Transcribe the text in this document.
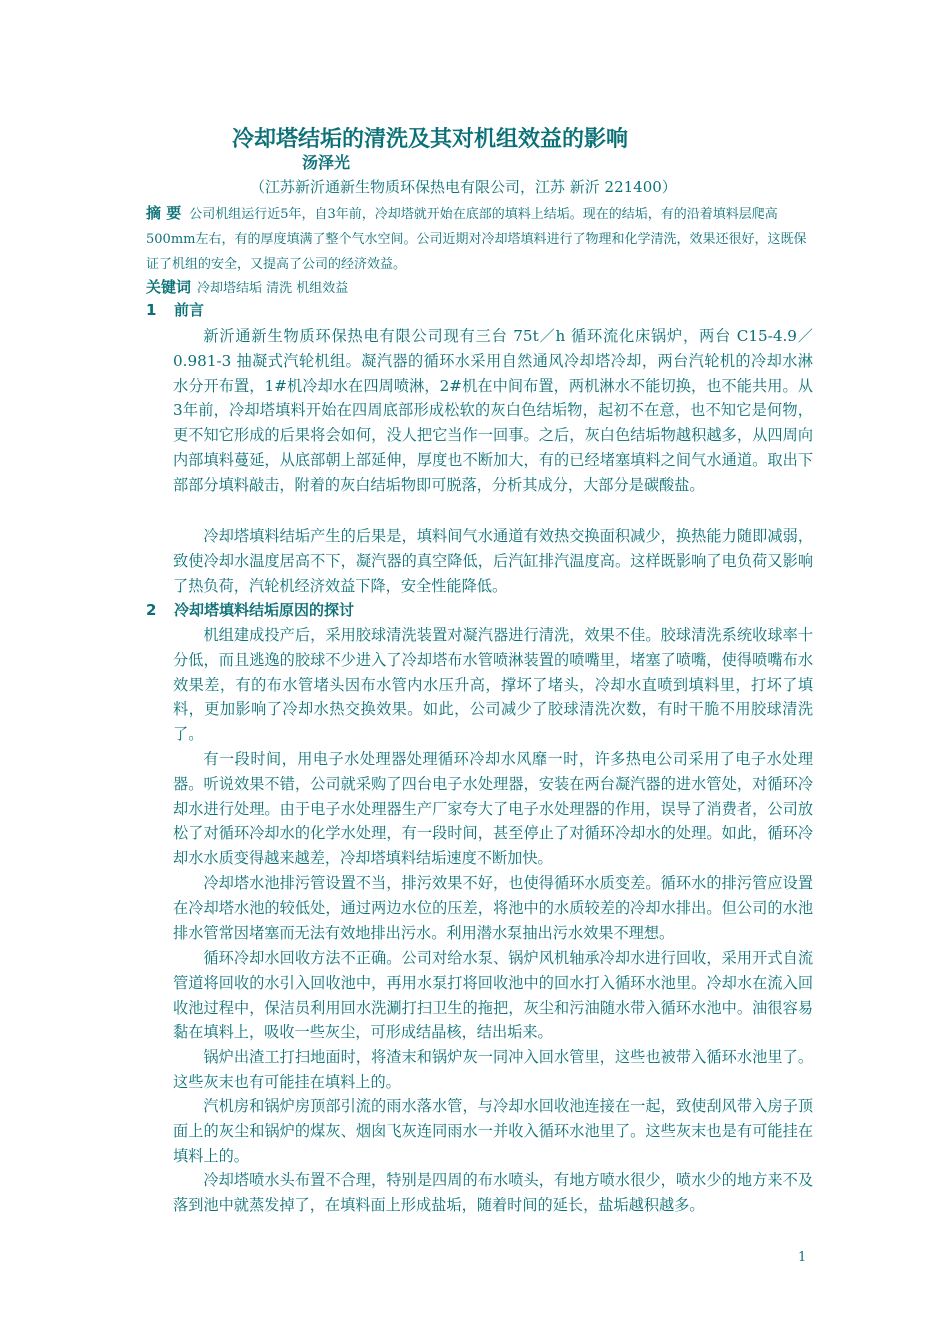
冷却塔结垢的清洗及其对机组效益的影响

汤泽光

（江苏新沂通新生物质环保热电有限公司，江苏 新沂 221400）

摘 要 公司机组运行近5年，自3年前，冷却塔就开始在底部的填料上结垢。现在的结垢，有的沿着填料层爬高500mm左右，有的厚度填满了整个气水空间。公司近期对冷却塔填料进行了物理和化学清洗，效果还很好，这既保证了机组的安全，又提高了公司的经济效益。

关键词 冷却塔结垢 清洗 机组效益

1 前言

新沂通新生物质环保热电有限公司现有三台 75t／h 循环流化床锅炉，两台 C15-4.9／0.981-3 抽凝式汽轮机组。凝汽器的循环水采用自然通风冷却塔冷却，两台汽轮机的冷却水淋水分开布置，1#机冷却水在四周喷淋，2#机在中间布置，两机淋水不能切换，也不能共用。从3年前，冷却塔填料开始在四周底部形成松软的灰白色结垢物，起初不在意，也不知它是何物，更不知它形成的后果将会如何，没人把它当作一回事。之后，灰白色结垢物越积越多，从四周向内部填料蔓延，从底部朝上部延伸，厚度也不断加大，有的已经堵塞填料之间气水通道。取出下部部分填料敲击，附着的灰白结垢物即可脱落，分析其成分，大部分是碳酸盐。

冷却塔填料结垢产生的后果是，填料间气水通道有效热交换面积减少，换热能力随即减弱，致使冷却水温度居高不下，凝汽器的真空降低，后汽缸排汽温度高。这样既影响了电负荷又影响了热负荷，汽轮机经济效益下降，安全性能降低。

2 冷却塔填料结垢原因的探讨

机组建成投产后，采用胶球清洗装置对凝汽器进行清洗，效果不佳。胶球清洗系统收球率十分低，而且逃逸的胶球不少进入了冷却塔布水管喷淋装置的喷嘴里，堵塞了喷嘴，使得喷嘴布水效果差，有的布水管堵头因布水管内水压升高，撑坏了堵头，冷却水直喷到填料里，打坏了填料，更加影响了冷却水热交换效果。如此，公司减少了胶球清洗次数，有时干脆不用胶球清洗了。

有一段时间，用电子水处理器处理循环冷却水风靡一时，许多热电公司采用了电子水处理器。听说效果不错，公司就采购了四台电子水处理器，安装在两台凝汽器的进水管处，对循环冷却水进行处理。由于电子水处理器生产厂家夸大了电子水处理器的作用，误导了消费者，公司放松了对循环冷却水的化学水处理，有一段时间，甚至停止了对循环冷却水的处理。如此，循环冷却水水质变得越来越差，冷却塔填料结垢速度不断加快。

冷却塔水池排污管设置不当，排污效果不好，也使得循环水质变差。循环水的排污管应设置在冷却塔水池的较低处，通过两边水位的压差，将池中的水质较差的冷却水排出。但公司的水池排水管常因堵塞而无法有效地排出污水。利用潜水泵抽出污水效果不理想。

循环冷却水回收方法不正确。公司对给水泵、锅炉风机轴承冷却水进行回收，采用开式自流管道将回收的水引入回收池中，再用水泵打将回收池中的回水打入循环水池里。冷却水在流入回收池过程中，保洁员利用回水洗涮打扫卫生的拖把，灰尘和污油随水带入循环水池中。油很容易黏在填料上，吸收一些灰尘，可形成结晶核，结出垢来。

锅炉出渣工打扫地面时，将渣末和锅炉灰一同冲入回水管里，这些也被带入循环水池里了。这些灰末也有可能挂在填料上的。

汽机房和锅炉房顶部引流的雨水落水管，与冷却水回收池连接在一起，致使刮风带入房子顶面上的灰尘和锅炉的煤灰、烟囱飞灰连同雨水一并收入循环水池里了。这些灰末也是有可能挂在填料上的。

冷却塔喷水头布置不合理，特别是四周的布水喷头，有地方喷水很少，喷水少的地方来不及落到池中就蒸发掉了，在填料面上形成盐垢，随着时间的延长，盐垢越积越多。

1
